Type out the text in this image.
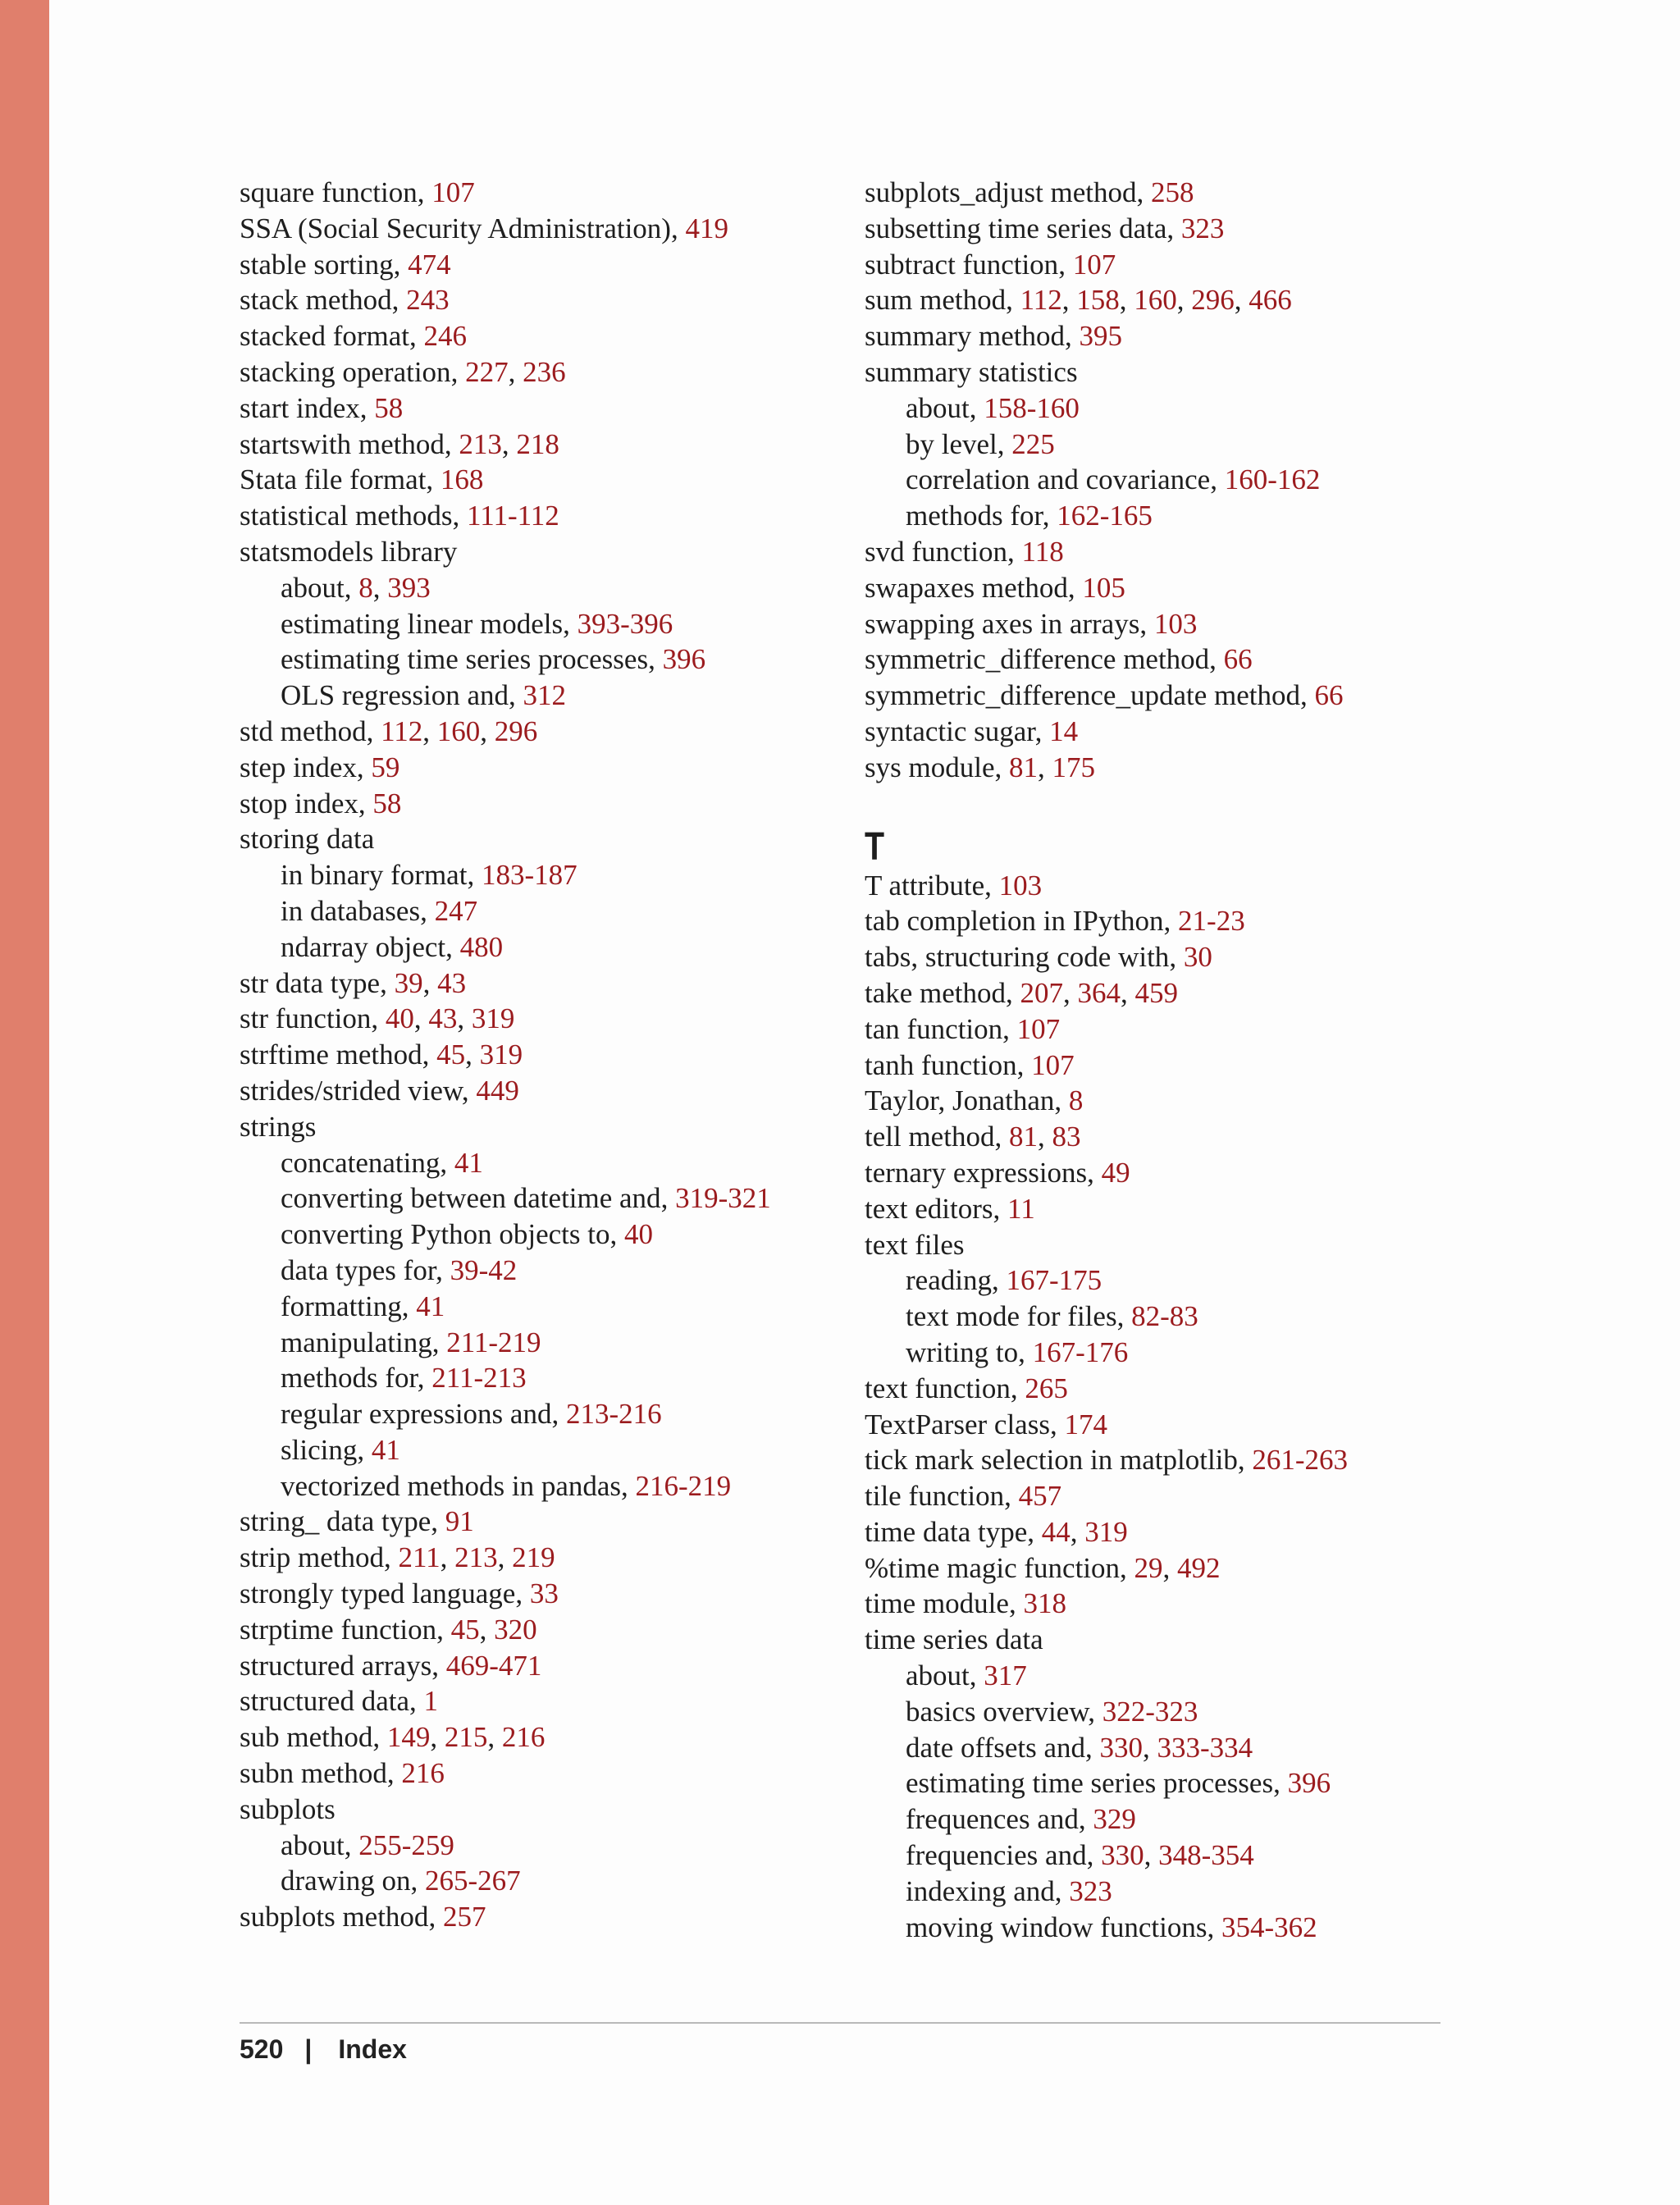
square function, 107
SSA (Social Security Administration), 419
stable sorting, 474
stack method, 243
stacked format, 246
stacking operation, 227, 236
start index, 58
startswith method, 213, 218
Stata file format, 168
statistical methods, 111-112
statsmodels library
about, 8, 393
estimating linear models, 393-396
estimating time series processes, 396
OLS regression and, 312
std method, 112, 160, 296
step index, 59
stop index, 58
storing data
in binary format, 183-187
in databases, 247
ndarray object, 480
str data type, 39, 43
str function, 40, 43, 319
strftime method, 45, 319
strides/strided view, 449
strings
concatenating, 41
converting between datetime and, 319-321
converting Python objects to, 40
data types for, 39-42
formatting, 41
manipulating, 211-219
methods for, 211-213
regular expressions and, 213-216
slicing, 41
vectorized methods in pandas, 216-219
string_ data type, 91
strip method, 211, 213, 219
strongly typed language, 33
strptime function, 45, 320
structured arrays, 469-471
structured data, 1
sub method, 149, 215, 216
subn method, 216
subplots
about, 255-259
drawing on, 265-267
subplots method, 257
subplots_adjust method, 258
subsetting time series data, 323
subtract function, 107
sum method, 112, 158, 160, 296, 466
summary method, 395
summary statistics
about, 158-160
by level, 225
correlation and covariance, 160-162
methods for, 162-165
svd function, 118
swapaxes method, 105
swapping axes in arrays, 103
symmetric_difference method, 66
symmetric_difference_update method, 66
syntactic sugar, 14
sys module, 81, 175
T
T attribute, 103
tab completion in IPython, 21-23
tabs, structuring code with, 30
take method, 207, 364, 459
tan function, 107
tanh function, 107
Taylor, Jonathan, 8
tell method, 81, 83
ternary expressions, 49
text editors, 11
text files
reading, 167-175
text mode for files, 82-83
writing to, 167-176
text function, 265
TextParser class, 174
tick mark selection in matplotlib, 261-263
tile function, 457
time data type, 44, 319
%time magic function, 29, 492
time module, 318
time series data
about, 317
basics overview, 322-323
date offsets and, 330, 333-334
estimating time series processes, 396
frequences and, 329
frequencies and, 330, 348-354
indexing and, 323
moving window functions, 354-362
520 | Index
